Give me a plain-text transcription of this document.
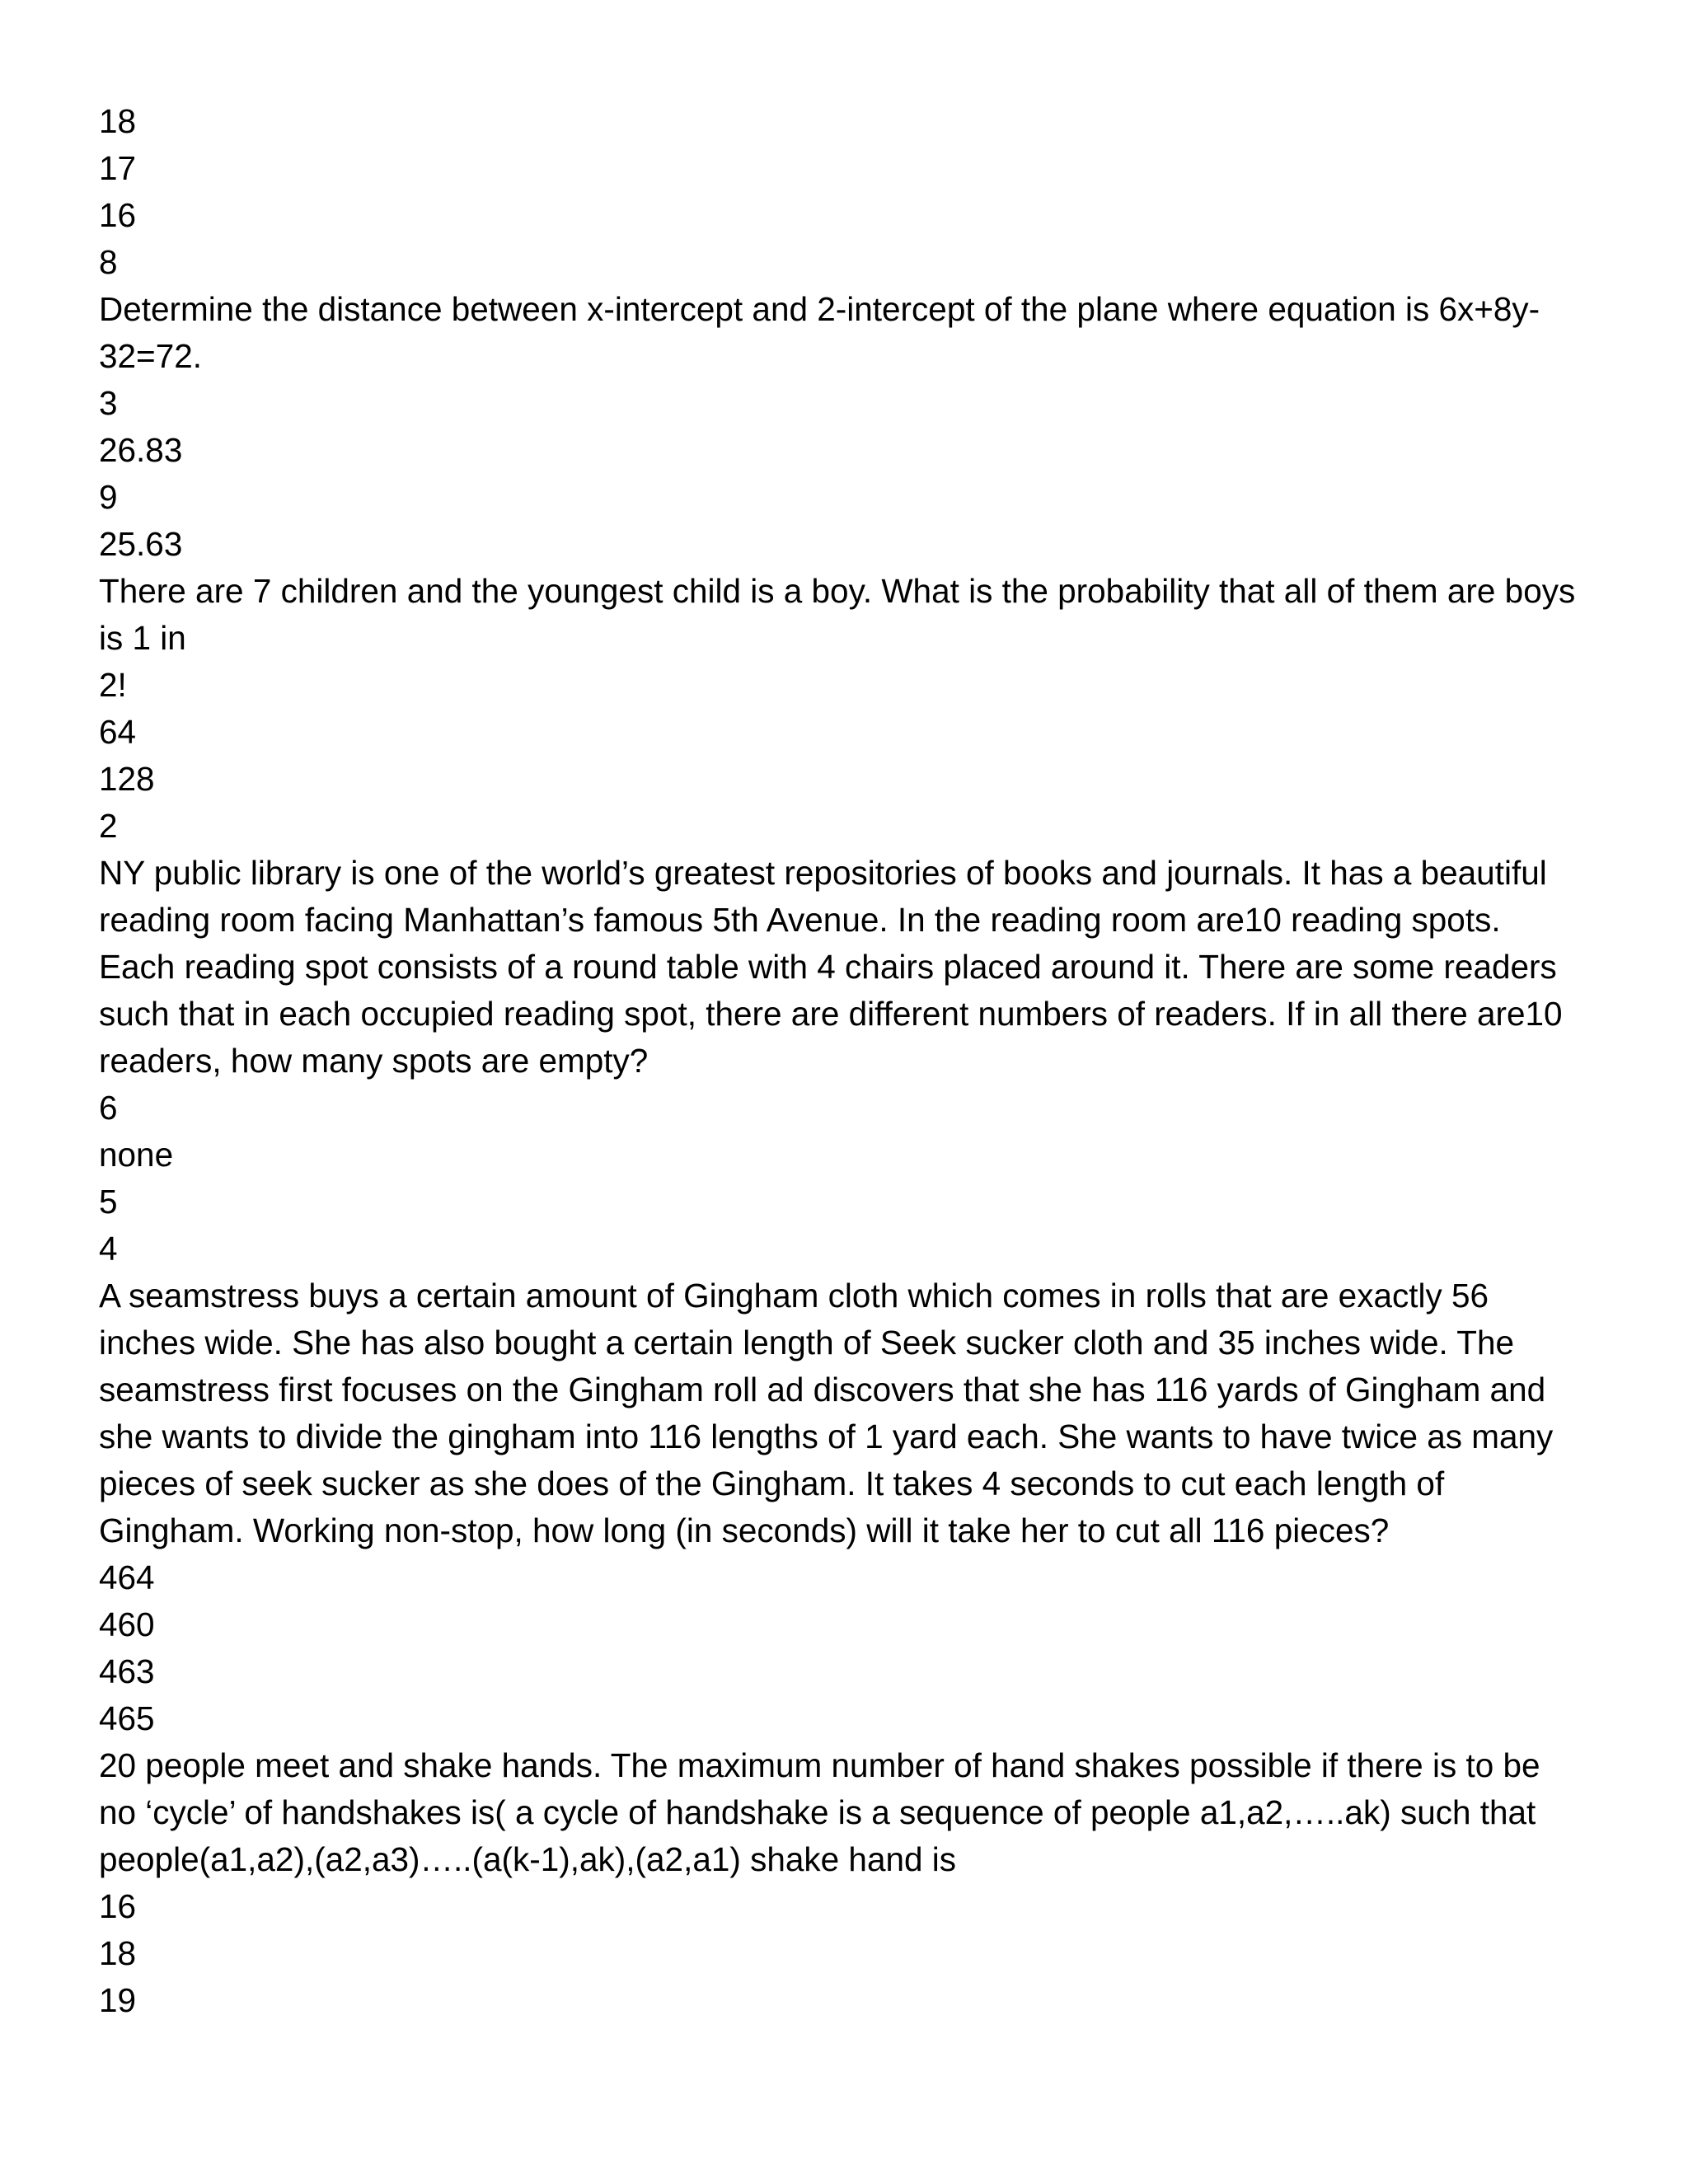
18

17

16

8

Determine the distance between x-intercept and 2-intercept of the plane where equation is 6x+8y-32=72.

3

26.83

9

25.63

There are 7 children and the youngest child is a boy. What is the probability that all of them are boys is 1 in

2!

64

128

2

NY public library is one of the world’s greatest repositories of books and journals. It has a beautiful reading room facing Manhattan’s famous 5th Avenue. In the reading room are10 reading spots. Each reading spot consists of a round table with 4 chairs placed around it. There are some readers such that in each occupied reading spot, there are different numbers of readers. If in all there are10 readers, how many spots are empty?

6

none

5

4

A seamstress buys a certain amount of Gingham cloth which comes in rolls that are exactly 56 inches wide. She has also bought a certain length of Seek sucker cloth and 35 inches wide. The seamstress first focuses on the Gingham roll ad discovers that she has 116 yards of Gingham and she wants to divide the gingham into 116 lengths of 1 yard each. She wants to have twice as many pieces of seek sucker as she does of the Gingham. It takes 4 seconds to cut each length of Gingham. Working non-stop, how long (in seconds) will it take her to cut all 116 pieces?

464

460

463

465

20 people meet and shake hands. The maximum number of hand shakes possible if there is to be no ‘cycle’ of handshakes is( a cycle of handshake is a sequence of people a1,a2,…..ak) such that people(a1,a2),(a2,a3)…..(a(k-1),ak),(a2,a1) shake hand is

16

18

19
